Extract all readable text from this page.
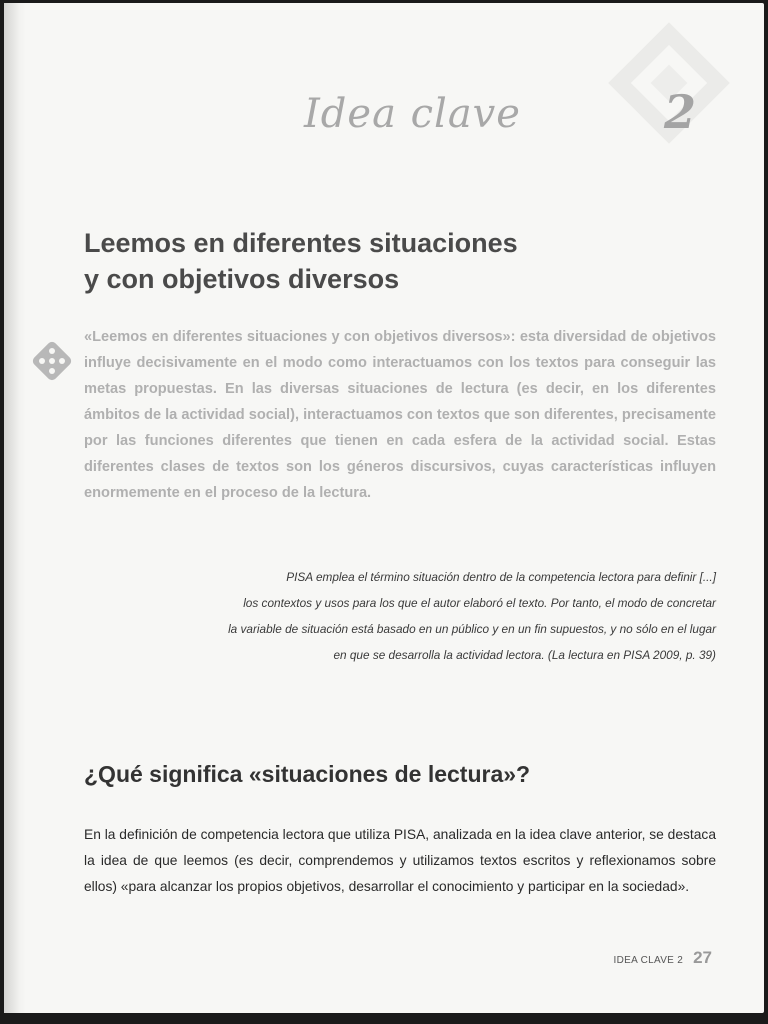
Idea clave	2
Leemos en diferentes situaciones
y con objetivos diversos

«Leemos en diferentes situaciones y con objetivos diversos»: esta diversidad de objetivos influye decisivamente en el modo como interactuamos con los textos para conseguir las metas propuestas. En las diversas situaciones de lectura (es decir, en los diferentes ámbitos de la actividad social), interactuamos con textos que son diferentes, precisamente por las funciones diferentes que tienen en cada esfera de la actividad social. Estas diferentes clases de textos son los géneros discursivos, cuyas características influyen enormemente en el proceso de la lectura.

PISA emplea el término situación dentro de la competencia lectora para definir [...]
los contextos y usos para los que el autor elaboró el texto. Por tanto, el modo de concretar
la variable de situación está basado en un público y en un fin supuestos, y no sólo en el lugar
en que se desarrolla la actividad lectora. (La lectura en PISA 2009, p. 39)
¿Qué significa «situaciones de lectura»?

En la definición de competencia lectora que utiliza PISA, analizada en la idea clave anterior, se destaca la idea de que leemos (es decir, comprendemos y utilizamos textos escritos y reflexionamos sobre ellos) «para alcanzar los propios objetivos, desarrollar el conocimiento y participar en la sociedad».

IDEA CLAVE 2 27
